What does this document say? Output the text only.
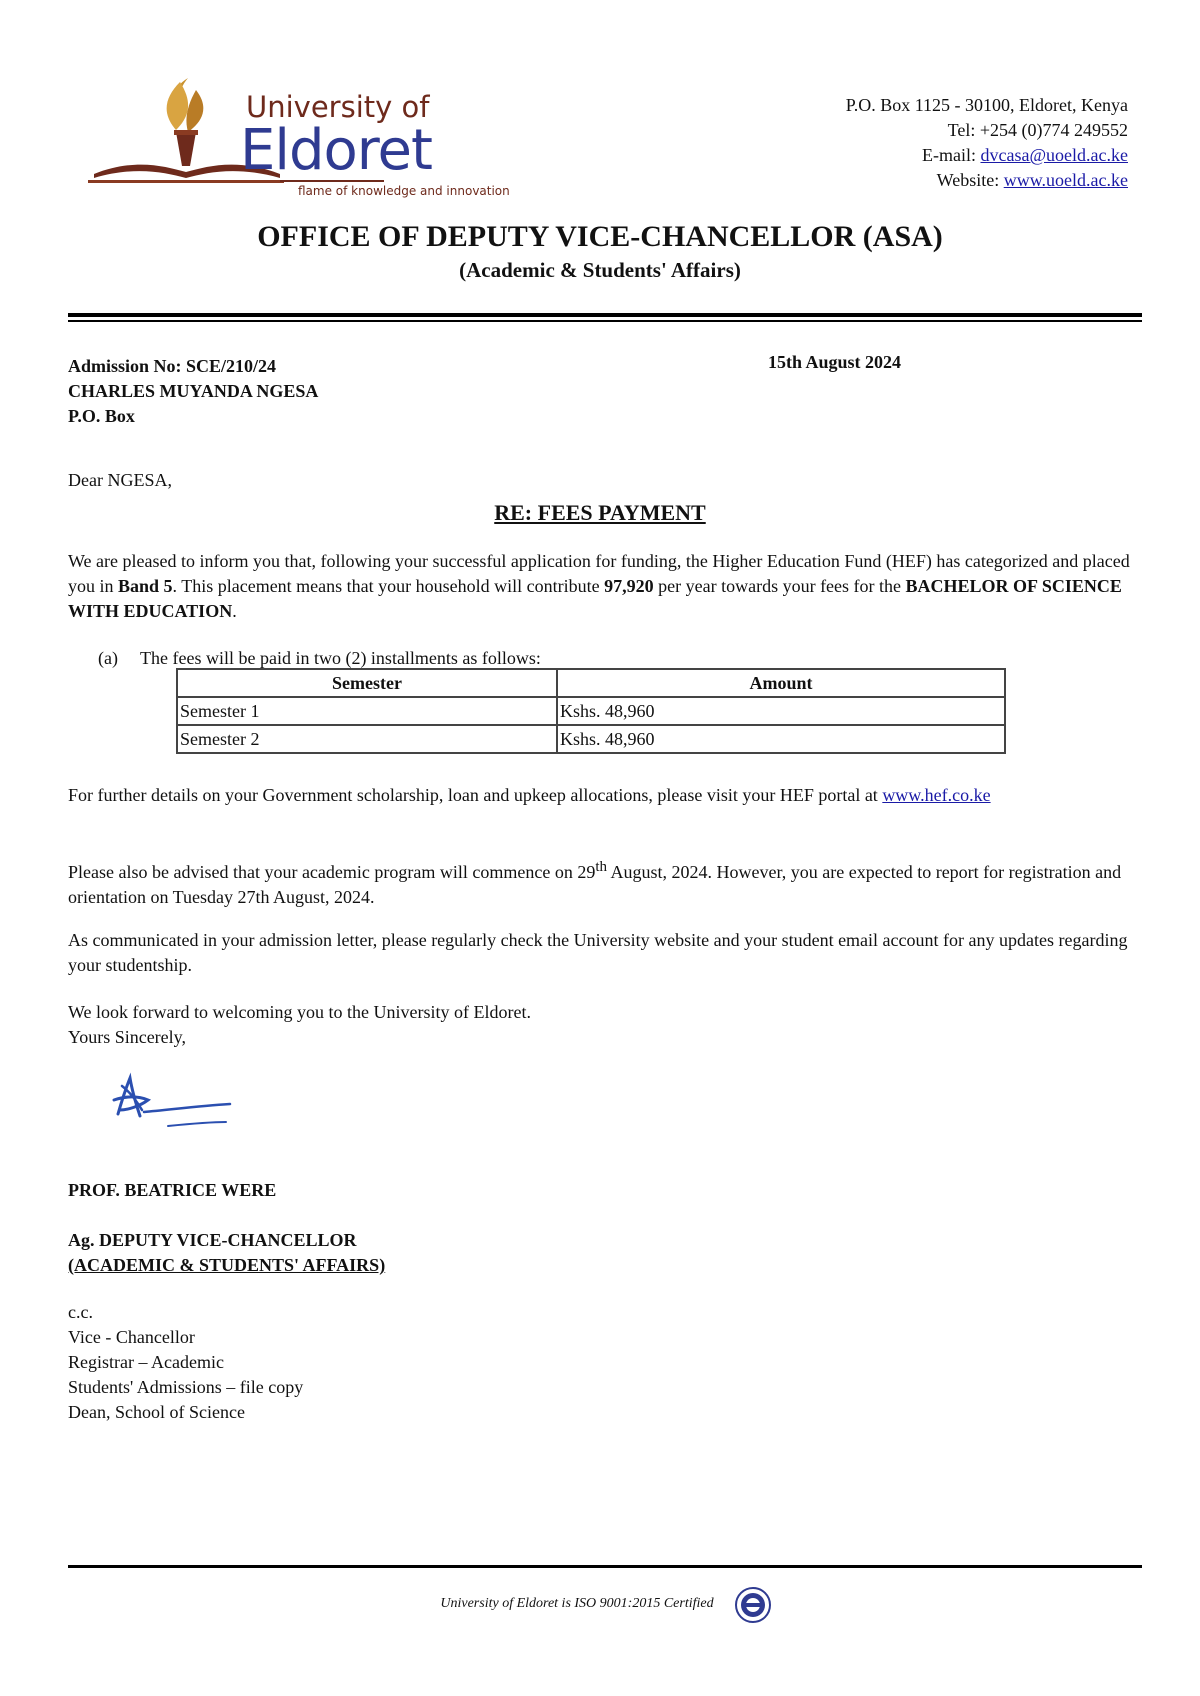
University of
Eldoret
flame of knowledge and innovation
P.O. Box 1125 - 30100, Eldoret, Kenya
Tel: +254 (0)774 249552
E-mail: dvcasa@uoeld.ac.ke
Website: www.uoeld.ac.ke
OFFICE OF DEPUTY VICE-CHANCELLOR (ASA)
(Academic & Students' Affairs)
Admission No: SCE/210/24
CHARLES MUYANDA NGESA
P.O. Box
15th August 2024
Dear NGESA,
RE: FEES PAYMENT
We are pleased to inform you that, following your successful application for funding, the Higher Education Fund (HEF) has categorized and placed you in Band 5. This placement means that your household will contribute 97,920 per year towards your fees for the BACHELOR OF SCIENCE WITH EDUCATION.
(a) The fees will be paid in two (2) installments as follows:
Semester	Amount
Semester 1	Kshs. 48,960
Semester 2	Kshs. 48,960
For further details on your Government scholarship, loan and upkeep allocations, please visit your HEF portal at www.hef.co.ke
Please also be advised that your academic program will commence on 29th August, 2024. However, you are expected to report for registration and orientation on Tuesday 27th August, 2024.
As communicated in your admission letter, please regularly check the University website and your student email account for any updates regarding your studentship.
We look forward to welcoming you to the University of Eldoret.
Yours Sincerely,
PROF. BEATRICE WERE
Ag. DEPUTY VICE-CHANCELLOR
(ACADEMIC & STUDENTS' AFFAIRS)
c.c.
Vice - Chancellor
Registrar – Academic
Students' Admissions – file copy
Dean, School of Science
University of Eldoret is ISO 9001:2015 Certified
